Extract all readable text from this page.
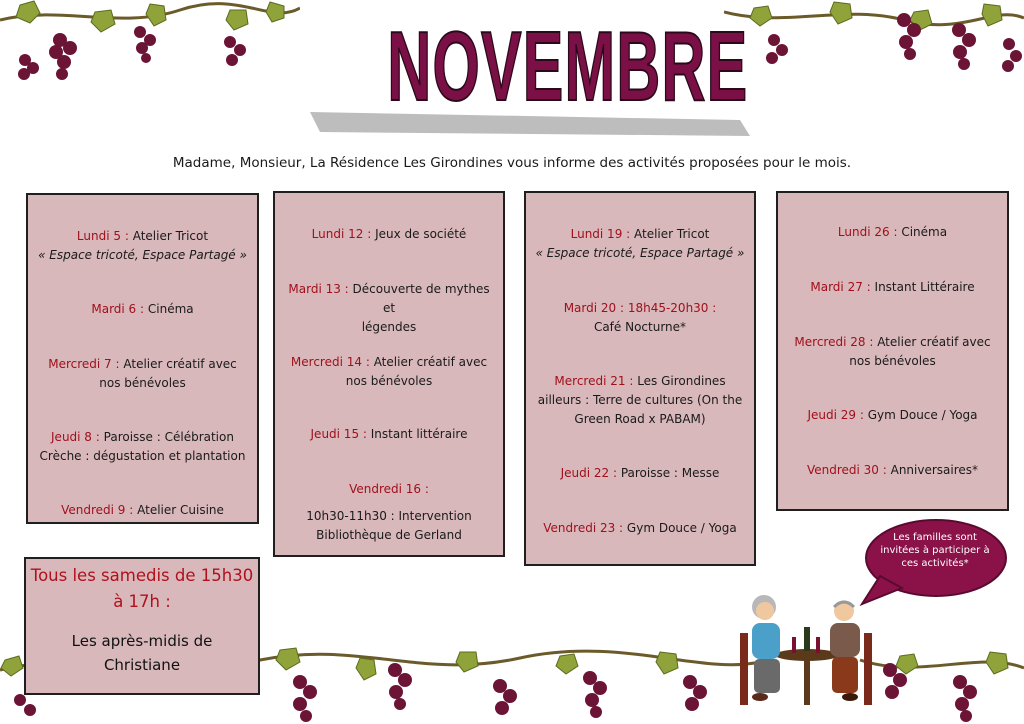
NOVEMBRE
Madame, Monsieur, La Résidence Les Girondines vous informe des activités proposées pour le mois.
Lundi 5 : Atelier Tricot
« Espace tricoté, Espace Partagé »
Mardi 6 : Cinéma
Mercredi 7 : Atelier créatif avec
nos bénévoles
Jeudi 8 : Paroisse : Célébration
Crèche : dégustation et plantation
Vendredi 9 : Atelier Cuisine
Lundi 12 : Jeux de société
Mardi 13 : Découverte de mythes et
légendes
Mercredi 14 : Atelier créatif avec
nos bénévoles
Jeudi 15 : Instant littéraire
Vendredi 16 :
10h30-11h30 : Intervention
Bibliothèque de Gerland
Lundi 19 : Atelier Tricot
« Espace tricoté, Espace Partagé »
Mardi 20 : 18h45-20h30 :
Café Nocturne*
Mercredi 21 : Les Girondines
ailleurs : Terre de cultures (On the
Green Road x PABAM)
Jeudi 22 : Paroisse : Messe
Vendredi 23 : Gym Douce / Yoga
Lundi 26 : Cinéma
Mardi 27 : Instant Littéraire
Mercredi 28 : Atelier créatif avec
nos bénévoles
Jeudi 29 : Gym Douce / Yoga
Vendredi 30 : Anniversaires*
Tous les samedis de 15h30
à 17h :
Les après-midis de
Christiane
Les familles sont invitées à participer à ces activités*
